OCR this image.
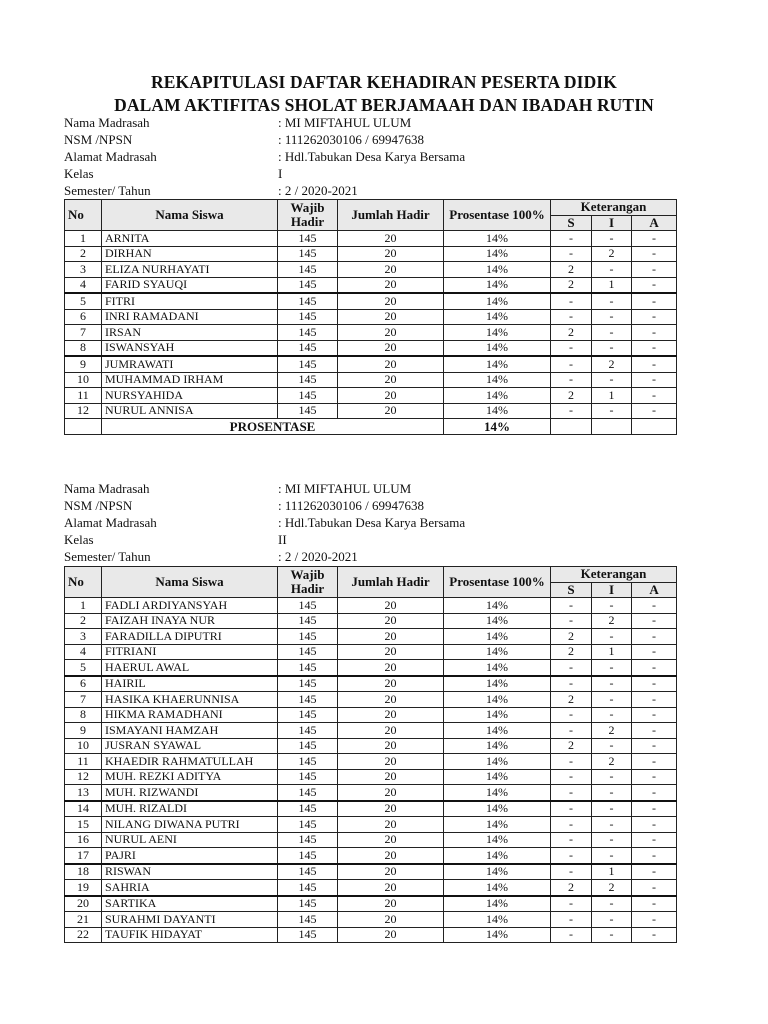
REKAPITULASI DAFTAR KEHADIRAN PESERTA DIDIK
DALAM AKTIFITAS SHOLAT BERJAMAAH DAN IBADAH RUTIN
Nama Madrasah	: MI MIFTAHUL ULUM
NSM /NPSN	: 111262030106 / 69947638
Alamat Madrasah	: Hdl.Tabukan Desa Karya Bersama
Kelas	I
Semester/ Tahun	: 2 / 2020-2021
No	Nama Siswa	Wajib Hadir	Jumlah Hadir	Prosentase 100%	Keterangan		
					S	I	A
1	ARNITA	145	20	14%	-	-	-
2	DIRHAN	145	20	14%	-	2	-
3	ELIZA NURHAYATI	145	20	14%	2	-	-
4	FARID SYAUQI	145	20	14%	2	1	-
5	FITRI	145	20	14%	-	-	-
6	INRI RAMADANI	145	20	14%	-	-	-
7	IRSAN	145	20	14%	2	-	-
8	ISWANSYAH	145	20	14%	-	-	-
9	JUMRAWATI	145	20	14%	-	2	-
10	MUHAMMAD IRHAM	145	20	14%	-	-	-
11	NURSYAHIDA	145	20	14%	2	1	-
12	NURUL ANNISA	145	20	14%	-	-	-
	PROSENTASE			14%			
Nama Madrasah	: MI MIFTAHUL ULUM
NSM /NPSN	: 111262030106 / 69947638
Alamat Madrasah	: Hdl.Tabukan Desa Karya Bersama
Kelas	II
Semester/ Tahun	: 2 / 2020-2021
No	Nama Siswa	Wajib Hadir	Jumlah Hadir	Prosentase 100%	Keterangan		
					S	I	A
1	FADLI ARDIYANSYAH	145	20	14%	-	-	-
2	FAIZAH INAYA NUR	145	20	14%	-	2	-
3	FARADILLA DIPUTRI	145	20	14%	2	-	-
4	FITRIANI	145	20	14%	2	1	-
5	HAERUL AWAL	145	20	14%	-	-	-
6	HAIRIL	145	20	14%	-	-	-
7	HASIKA KHAERUNNISA	145	20	14%	2	-	-
8	HIKMA RAMADHANI	145	20	14%	-	-	-
9	ISMAYANI HAMZAH	145	20	14%	-	2	-
10	JUSRAN SYAWAL	145	20	14%	2	-	-
11	KHAEDIR RAHMATULLAH	145	20	14%	-	2	-
12	MUH. REZKI ADITYA	145	20	14%	-	-	-
13	MUH. RIZWANDI	145	20	14%	-	-	-
14	MUH. RIZALDI	145	20	14%	-	-	-
15	NILANG DIWANA PUTRI	145	20	14%	-	-	-
16	NURUL AENI	145	20	14%	-	-	-
17	PAJRI	145	20	14%	-	-	-
18	RISWAN	145	20	14%	-	1	-
19	SAHRIA	145	20	14%	2	2	-
20	SARTIKA	145	20	14%	-	-	-
21	SURAHMI DAYANTI	145	20	14%	-	-	-
22	TAUFIK HIDAYAT	145	20	14%	-	-	-
